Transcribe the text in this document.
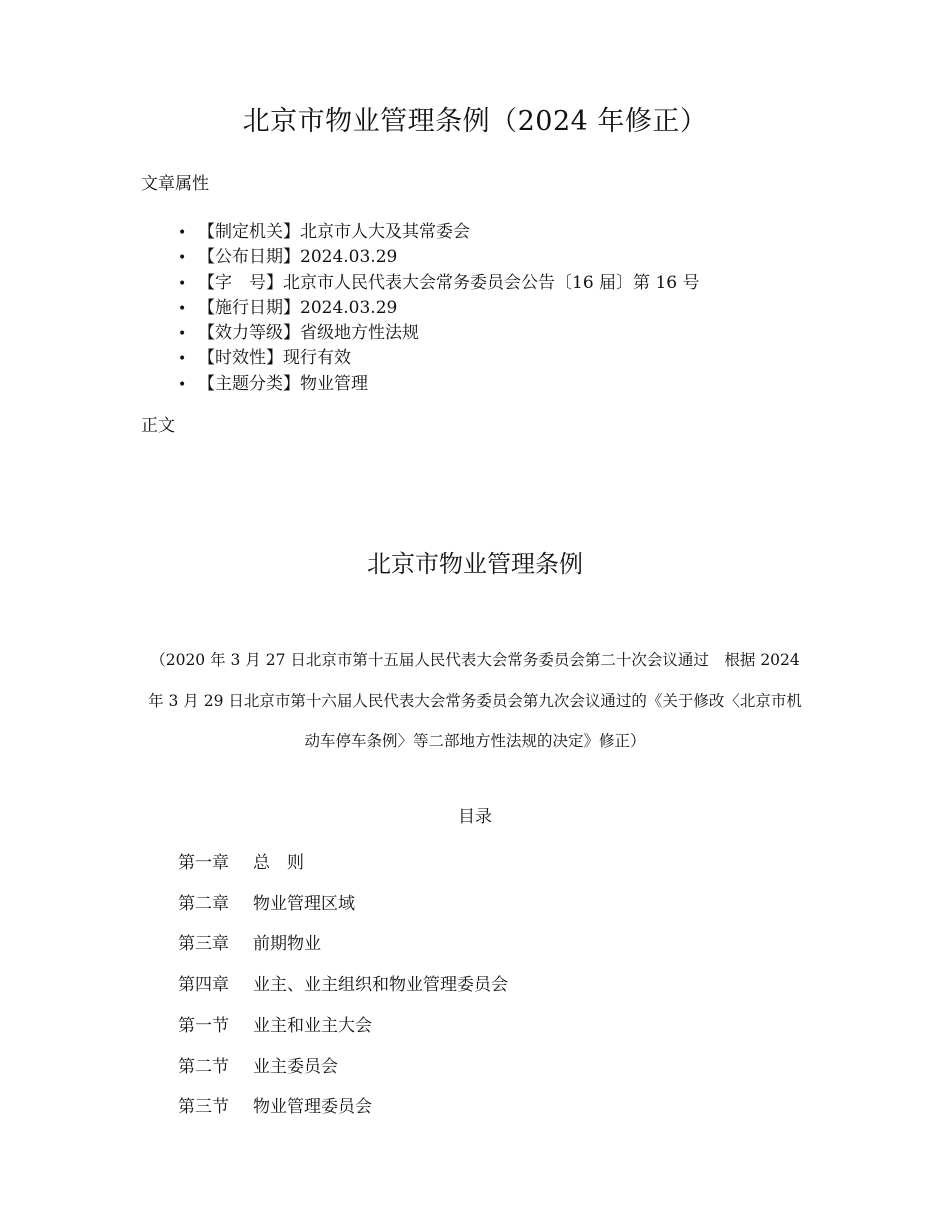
北京市物业管理条例（2024 年修正）
文章属性
• 【制定机关】北京市人大及其常委会
• 【公布日期】2024.03.29
• 【字　号】北京市人民代表大会常务委员会公告〔16 届〕第 16 号
• 【施行日期】2024.03.29
• 【效力等级】省级地方性法规
• 【时效性】现行有效
• 【主题分类】物业管理
正文
北京市物业管理条例
（2020 年 3 月 27 日北京市第十五届人民代表大会常务委员会第二十次会议通过　根据 2024 年 3 月 29 日北京市第十六届人民代表大会常务委员会第九次会议通过的《关于修改〈北京市机动车停车条例〉等二部地方性法规的决定》修正）
目录
第一章 总　则
第二章 物业管理区域
第三章 前期物业
第四章 业主、业主组织和物业管理委员会
第一节 业主和业主大会
第二节 业主委员会
第三节 物业管理委员会
